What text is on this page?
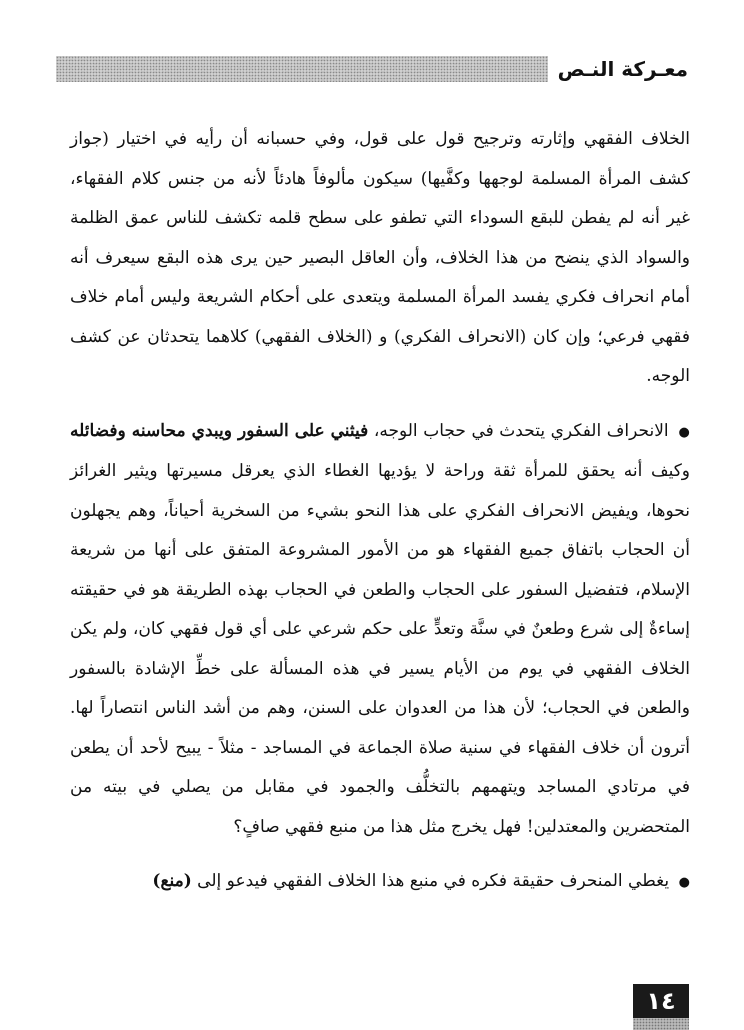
معـركة النـص

الخلاف الفقهي وإثارته وترجيح قول على قول، وفي حسبانه أن رأيه في اختيار (جواز كشف المرأة المسلمة لوجهها وكفَّيها) سيكون مألوفاً هادئاً لأنه من جنس كلام الفقهاء، غير أنه لم يفطن للبقع السوداء التي تطفو على سطح قلمه تكشف للناس عمق الظلمة والسواد الذي ينضح من هذا الخلاف، وأن العاقل البصير حين يرى هذه البقع سيعرف أنه أمام انحراف فكري يفسد المرأة المسلمة ويتعدى على أحكام الشريعة وليس أمام خلاف فقهي فرعي؛ وإن كان (الانحراف الفكري) و (الخلاف الفقهي) كلاهما يتحدثان عن كشف الوجه.

● الانحراف الفكري يتحدث في حجاب الوجه، فيثني على السفور ويبدي محاسنه وفضائله وكيف أنه يحقق للمرأة ثقة وراحة لا يؤديها الغطاء الذي يعرقل مسيرتها ويثير الغرائز نحوها، ويفيض الانحراف الفكري على هذا النحو بشيء من السخرية أحياناً، وهم يجهلون أن الحجاب باتفاق جميع الفقهاء هو من الأمور المشروعة المتفق على أنها من شريعة الإسلام، فتفضيل السفور على الحجاب والطعن في الحجاب بهذه الطريقة هو في حقيقته إساءةٌ إلى شرع وطعنٌ في سنَّة وتعدٍّ على حكم شرعي على أي قول فقهي كان، ولم يكن الخلاف الفقهي في يوم من الأيام يسير في هذه المسألة على خطِّ الإشادة بالسفور والطعن في الحجاب؛ لأن هذا من العدوان على السنن، وهم من أشد الناس انتصاراً لها. أترون أن خلاف الفقهاء في سنية صلاة الجماعة في المساجد - مثلاً - يبيح لأحد أن يطعن في مرتادي المساجد ويتهمهم بالتخلُّف والجمود في مقابل من يصلي في بيته من المتحضرين والمعتدلين! فهل يخرج مثل هذا من منبع فقهي صافٍ؟

● يغطي المنحرف حقيقة فكره في منبع هذا الخلاف الفقهي فيدعو إلى (منع)

١٤
